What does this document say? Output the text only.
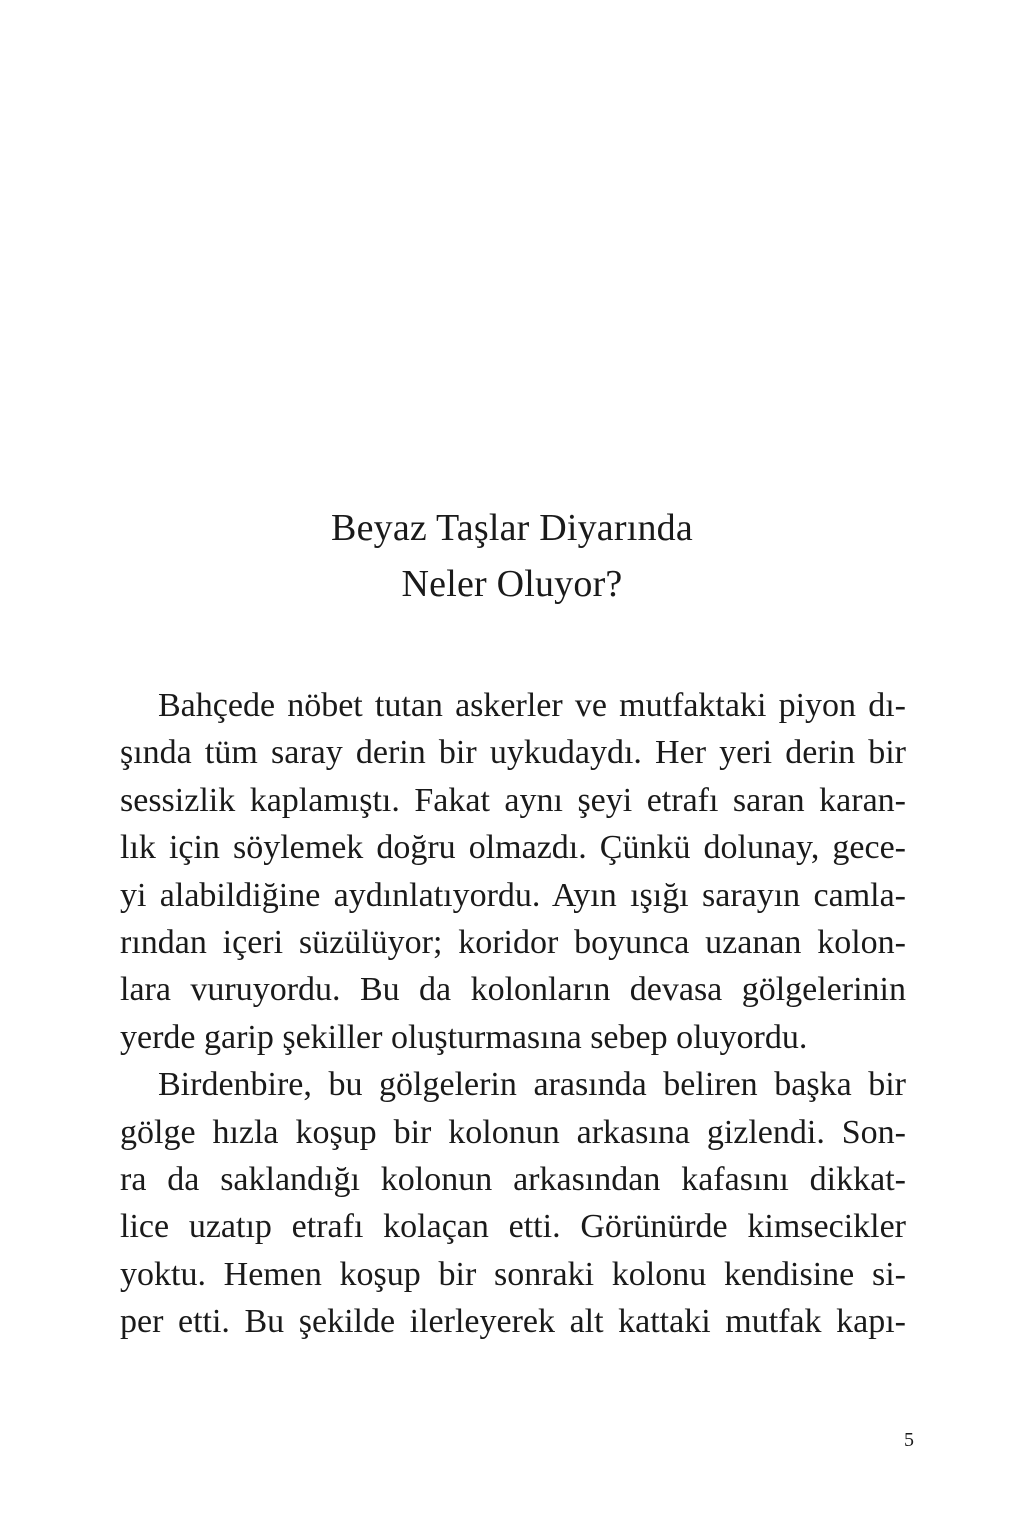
Beyaz Taşlar Diyarında
Neler Oluyor?
Bahçede nöbet tutan askerler ve mutfaktaki piyon dı-
şında tüm saray derin bir uykudaydı. Her yeri derin bir
sessizlik kaplamıştı. Fakat aynı şeyi etrafı saran karan-
lık için söylemek doğru olmazdı. Çünkü dolunay, gece-
yi alabildiğine aydınlatıyordu. Ayın ışığı sarayın camla-
rından içeri süzülüyor; koridor boyunca uzanan kolon-
lara vuruyordu. Bu da kolonların devasa gölgelerinin
yerde garip şekiller oluşturmasına sebep oluyordu.
Birdenbire, bu gölgelerin arasında beliren başka bir
gölge hızla koşup bir kolonun arkasına gizlendi. Son-
ra da saklandığı kolonun arkasından kafasını dikkat-
lice uzatıp etrafı kolaçan etti. Görünürde kimsecikler
yoktu. Hemen koşup bir sonraki kolonu kendisine si-
per etti. Bu şekilde ilerleyerek alt kattaki mutfak kapı-
5
